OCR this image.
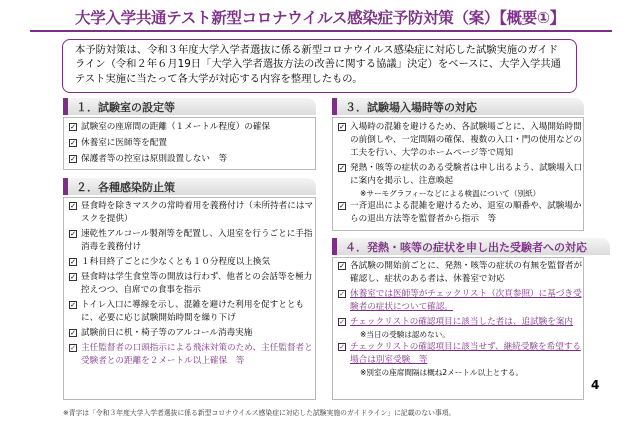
大学入学共通テスト新型コロナウイルス感染症予防対策（案）【概要①】
本予防対策は、令和３年度大学入学者選抜に係る新型コロナウイルス感染症に対応した試験実施のガイドライン（令和２年６月19日「大学入学者選抜方法の改善に関する協議」決定）をベースに、大学入学共通テスト実施に当たって各大学が対応する内容を整理したもの。
１．試験室の設定等
✓ 試験室の座席間の距離（１メートル程度）の確保
✓ 休養室に医師等を配置
✓ 保護者等の控室は原則設置しない　等
２．各種感染防止策
✓ 昼食時を除きマスクの常時着用を義務付け（未所持者にはマスクを提供）
✓ 速乾性アルコール製剤等を配置し、入退室を行うごとに手指消毒を義務付け
✓ １科目終了ごとに少なくとも１０分程度以上換気
✓ 昼食時は学生食堂等の開放は行わず、他者との会話等を極力控えつつ、自席での食事を指示
✓ トイレ入口に導線を示し、混雑を避けた利用を促すとともに、必要に応じ試験開始時間を繰り下げ
✓ 試験前日に机・椅子等のアルコール消毒実施
✓ 主任監督者の口頭指示による飛沫対策のため、主任監督者と受験者との距離を２メートル以上確保　等
３．試験場入場時等の対応
✓ 入場時の混雑を避けるため、各試験場ごとに、入場開始時間の前倒しや、一定間隔の確保、複数の入口・門の使用などの工夫を行い、大学のホームページ等で周知
✓ 発熱・咳等の症状のある受験者は申し出るよう、試験場入口に案内を掲示し、注意喚起
※サーモグラフィーなどによる検温について（別紙）
✓ 一斉退出による混雑を避けるため、退室の順番や、試験場からの退出方法等を監督者から指示　等
４．発熱・咳等の症状を申し出た受験者への対応
✓ 各試験の開始前ごとに、発熱・咳等の症状の有無を監督者が確認し、症状のある者は、休養室で対応
✓ 休養室では医師等がチェックリスト（次頁参照）に基づき受験者の症状について確認。
✓ チェックリストの確認項目に該当した者は、追試験を案内
※当日の受験は認めない。
✓ チェックリストの確認項目に該当せず、継続受験を希望する場合は別室受験　等
※別室の座席間隔は概ね2メートル以上とする。
4
※青字は「令和３年度大学入学者選抜に係る新型コロナウイルス感染症に対応した試験実施のガイドライン」に記載のない事項。
